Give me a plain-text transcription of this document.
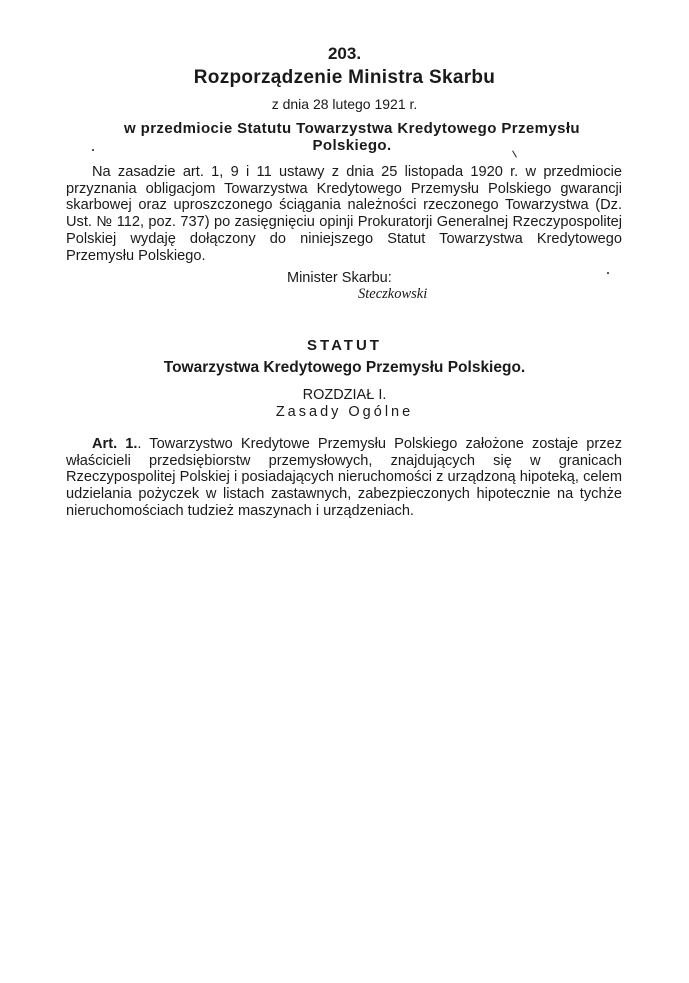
203.
Rozporządzenie Ministra Skarbu
z dnia 28 lutego 1921 r.
w przedmiocie Statutu Towarzystwa Kredytowego Przemysłu Polskiego.
Na zasadzie art. 1, 9 i 11 ustawy z dnia 25 listopada 1920 r. w przedmiocie przyznania obligacjom Towarzystwa Kredytowego Przemysłu Polskiego gwarancji skarbowej oraz uproszczonego ściągania należności rzeczonego Towarzystwa (Dz. Ust. № 112, poz. 737) po zasięgnięciu opinji Prokuratorji Generalnej Rzeczypospolitej Polskiej wydaję dołączony do niniejszego Statut Towarzystwa Kredytowego Przemysłu Polskiego.
Minister Skarbu:
Steczkowski
STATUT
Towarzystwa Kredytowego Przemysłu Polskiego.
ROZDZIAŁ I.
Zasady Ogólne
Art. 1.. Towarzystwo Kredytowe Przemysłu Polskiego założone zostaje przez właścicieli przedsiębiorstw przemysłowych, znajdujących się w granicach Rzeczypospolitej Polskiej i posiadających nieruchomości z urządzoną hipoteką, celem udzielania pożyczek w listach zastawnych, zabezpieczonych hipotecznie na tychże nieruchomościach tudzież maszynach i urządzeniach.
